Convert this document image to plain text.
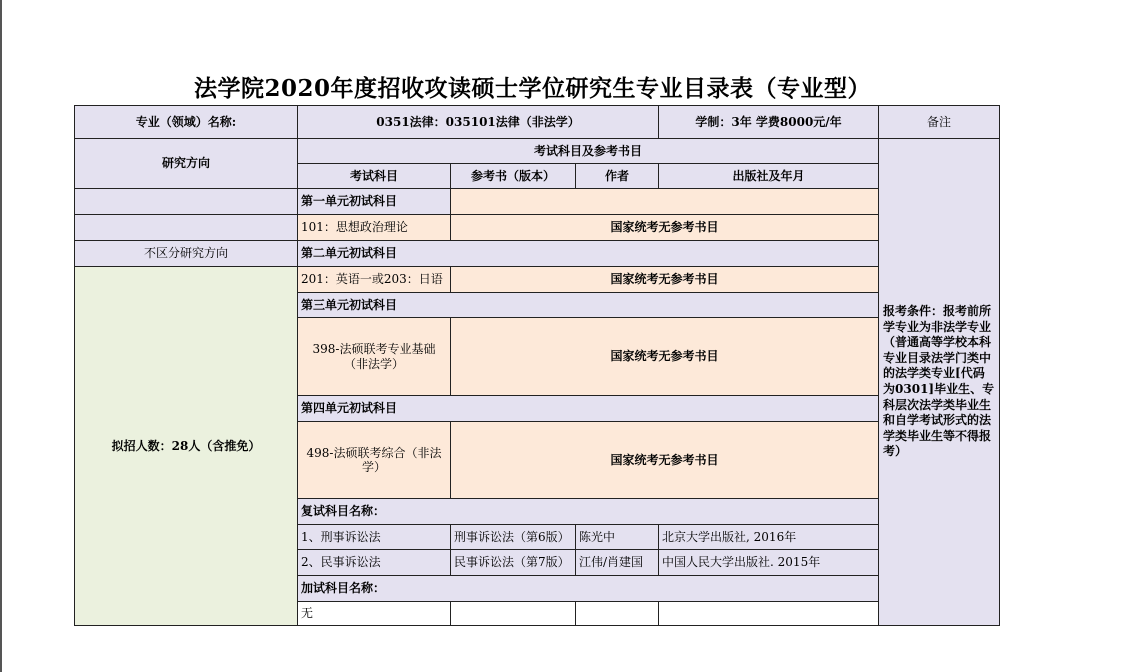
法学院2020年度招收攻读硕士学位研究生专业目录表（专业型）
专业（领域）名称:	0351法律：035101法律（非法学）			学制：3年 学费8000元/年	备注
研究方向	考试科目及参考书目				报考条件：报考前所学专业为非法学专业（普通高等学校本科专业目录法学门类中的法学类专业[代码为0301]毕业生、专科层次法学类毕业生和自学考试形式的法学类毕业生等不得报考）
	考试科目	参考书（版本）	作者	出版社及年月	
	第一单元初试科目				
	101：思想政治理论	国家统考无参考书目			
不区分研究方向	第二单元初试科目				
拟招人数：28人（含推免）	201：英语一或203：日语	国家统考无参考书目			
	第三单元初试科目				
	398-法硕联考专业基础（非法学）	国家统考无参考书目			
	第四单元初试科目				
	498-法硕联考综合（非法学）	国家统考无参考书目			
	复试科目名称：				
	1、刑事诉讼法	刑事诉讼法（第6版）	陈光中	北京大学出版社, 2016年	
	2、民事诉讼法	民事诉讼法（第7版）	江伟/肖建国	中国人民大学出版社. 2015年	
	加试科目名称：				
	无				
